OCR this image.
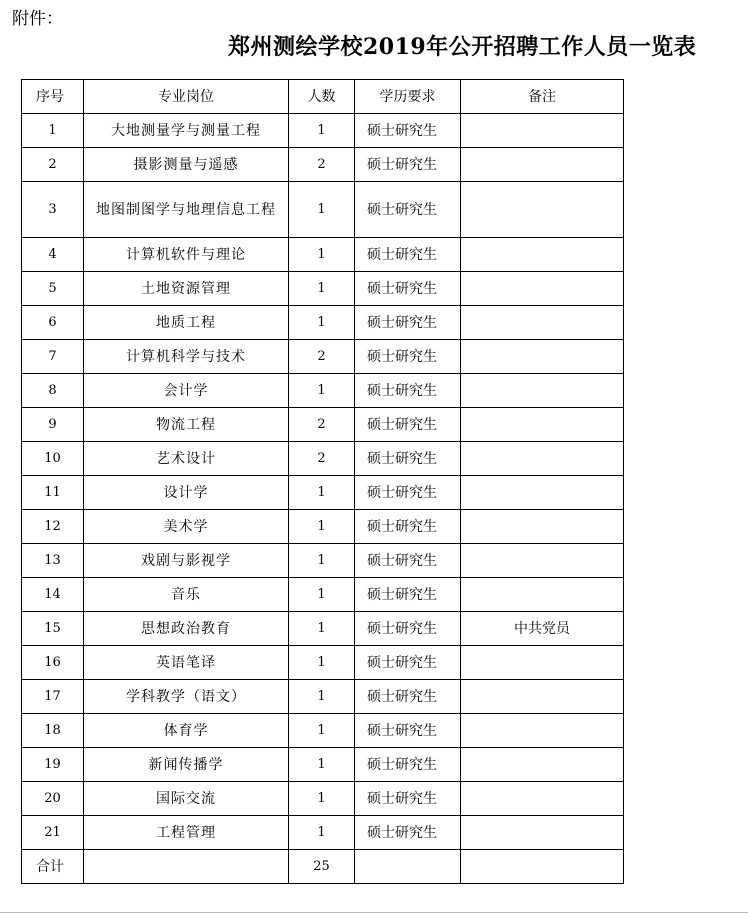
附件：
郑州测绘学校2019年公开招聘工作人员一览表
序号	专业岗位	人数	学历要求	备注
1	大地测量学与测量工程	1	硕士研究生	
2	摄影测量与遥感	2	硕士研究生	
3	地图制图学与地理信息工程	1	硕士研究生	
4	计算机软件与理论	1	硕士研究生	
5	土地资源管理	1	硕士研究生	
6	地质工程	1	硕士研究生	
7	计算机科学与技术	2	硕士研究生	
8	会计学	1	硕士研究生	
9	物流工程	2	硕士研究生	
10	艺术设计	2	硕士研究生	
11	设计学	1	硕士研究生	
12	美术学	1	硕士研究生	
13	戏剧与影视学	1	硕士研究生	
14	音乐	1	硕士研究生	
15	思想政治教育	1	硕士研究生	中共党员
16	英语笔译	1	硕士研究生	
17	学科教学（语文）	1	硕士研究生	
18	体育学	1	硕士研究生	
19	新闻传播学	1	硕士研究生	
20	国际交流	1	硕士研究生	
21	工程管理	1	硕士研究生	
合计		25		
